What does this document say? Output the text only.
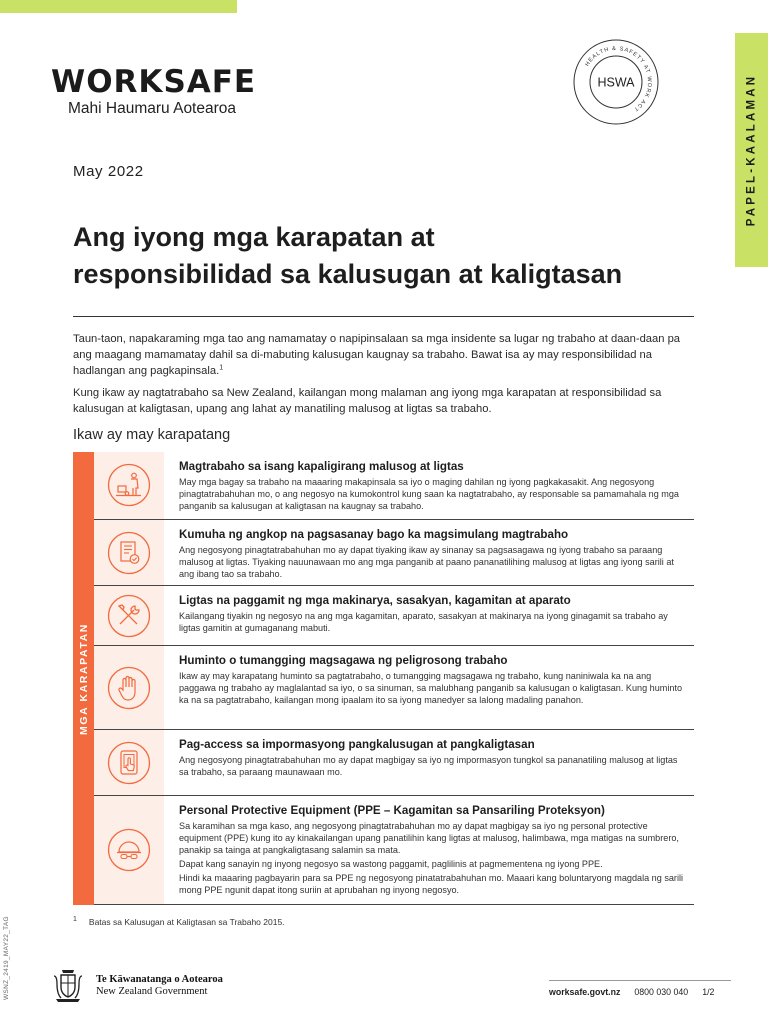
WORKSAFE
Mahi Haumaru Aotearoa
HEALTH & SAFETY AT WORK ACT
HSWA	PAPEL-KAALAMAN
May 2022
Ang iyong mga karapatan at
responsibilidad sa kalusugan at kaligtasan

Taun-taon, napakaraming mga tao ang namamatay o napipinsalaan sa mga insidente sa lugar ng trabaho at daan-daan pa ang maagang mamamatay dahil sa di-mabuting kalusugan kaugnay sa trabaho. Bawat isa ay may responsibilidad na hadlangan ang pagkapinsala.$^1$

Kung ikaw ay nagtatrabaho sa New Zealand, kailangan mong malaman ang iyong mga karapatan at responsibilidad sa kalusugan at kaligtasan, upang ang lahat ay manatiling malusog at ligtas sa trabaho.

Ikaw ay may karapatang
MGA KARAPATAN
Magtrabaho sa isang kapaligirang malusog at ligtas

May mga bagay sa trabaho na maaaring makapinsala sa iyo o maging dahilan ng iyong pagkakasakit. Ang negosyong pinagtatrabahuhan mo, o ang negosyo na kumokontrol kung saan ka nagtatrabaho, ay responsable sa pamamahala ng mga panganib sa kalusugan at kaligtasan na kaugnay sa trabaho.

Kumuha ng angkop na pagsasanay bago ka magsimulang magtrabaho

Ang negosyong pinagtatrabahuhan mo ay dapat tiyaking ikaw ay sinanay sa pagsasagawa ng iyong trabaho sa paraang malusog at ligtas. Tiyaking nauunawaan mo ang mga panganib at paano pananatilihing malusog at ligtas ang iyong sarili at ang ibang tao sa trabaho.

Ligtas na paggamit ng mga makinarya, sasakyan, kagamitan at aparato

Kailangang tiyakin ng negosyo na ang mga kagamitan, aparato, sasakyan at makinarya na iyong ginagamit sa trabaho ay ligtas gamitin at gumaganang mabuti.

Huminto o tumangging magsagawa ng peligrosong trabaho

Ikaw ay may karapatang huminto sa pagtatrabaho, o tumangging magsagawa ng trabaho, kung naniniwala ka na ang paggawa ng trabaho ay maglalantad sa iyo, o sa sinuman, sa malubhang panganib sa kalusugan o kaligtasan. Kung huminto ka na sa pagtatrabaho, kailangan mong ipaalam ito sa iyong manedyer sa lalong madaling panahon.

Pag-access sa impormasyong pangkalusugan at pangkaligtasan

Ang negosyong pinagtatrabahuhan mo ay dapat magbigay sa iyo ng impormasyon tungkol sa pananatiling malusog at ligtas sa trabaho, sa paraang maunawaan mo.

Personal Protective Equipment (PPE – Kagamitan sa Pansariling Proteksyon)

Sa karamihan sa mga kaso, ang negosyong pinagtatrabahuhan mo ay dapat magbigay sa iyo ng personal protective equipment (PPE) kung ito ay kinakailangan upang panatilihin kang ligtas at malusog, halimbawa, mga matigas na sumbrero, panakip sa tainga at pangkaligtasang salamin sa mata.

Dapat kang sanayin ng inyong negosyo sa wastong paggamit, paglilinis at pagmementena ng iyong PPE.

Hindi ka maaaring pagbayarin para sa PPE ng negosyong pinatatrabahuhan mo. Maaari kang boluntaryong magdala ng sarili mong PPE ngunit dapat itong suriin at aprubahan ng inyong negosyo.

$^1$ Batas sa Kalusugan at Kaligtasan sa Trabaho 2015.
WSNZ_2419_MAY22_TAG	Te Kāwanatanga o Aotearoa
New Zealand Government	worksafe.govt.nz 0800 030 040 1/2
